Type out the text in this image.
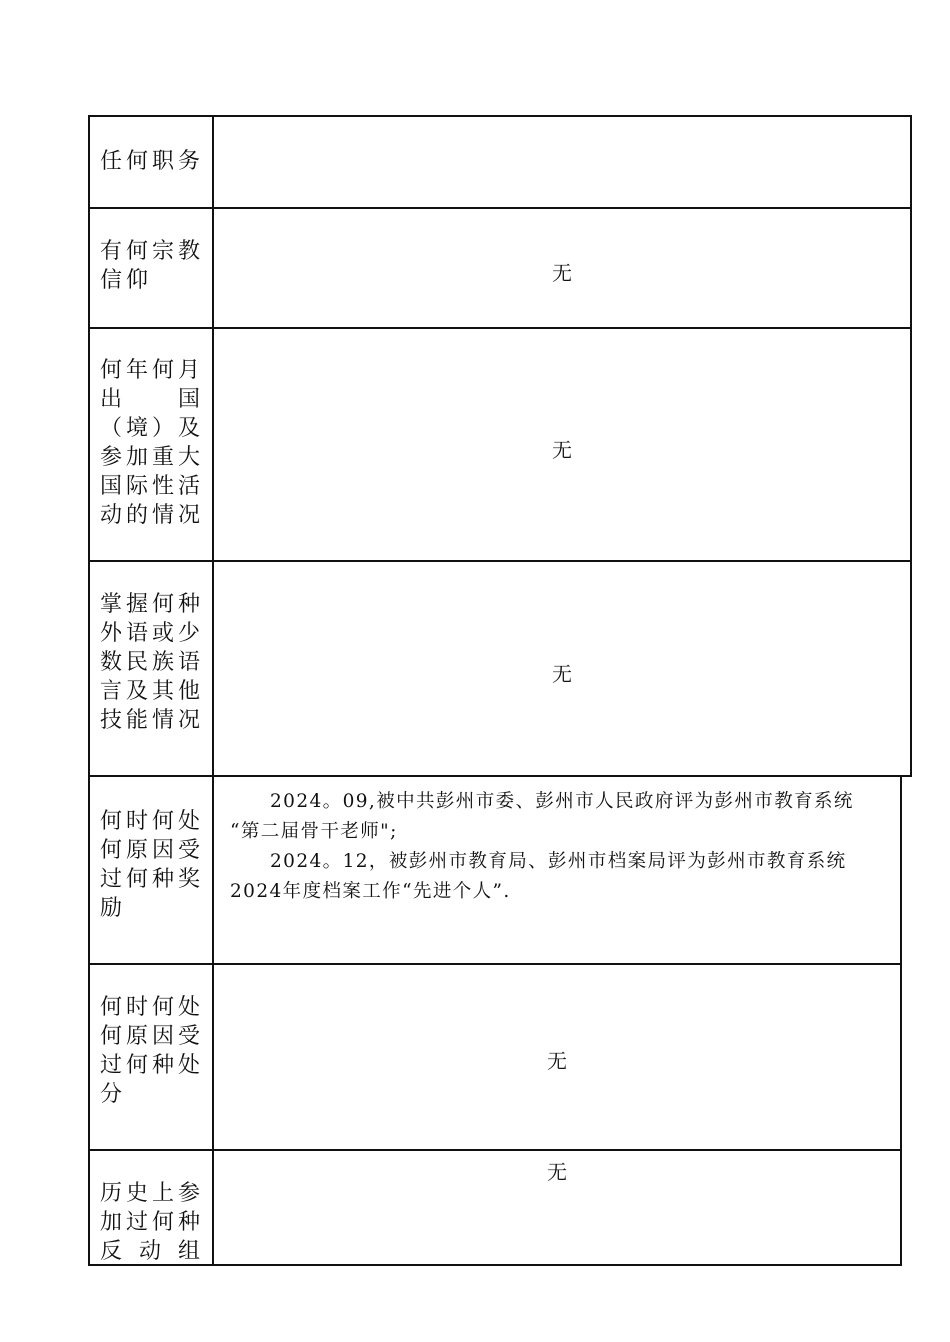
任何职务
有何宗教信仰	无
何年何月出国（境）及参加重大国际性活动的情况
无
掌握何种外语或少数民族语言及其他技能情况
无
何时何处何原因受过何种奖励

2024。09,被中共彭州市委、彭州市人民政府评为彭州市教育系统

“第二届骨干老师";

2024。12，被彭州市教育局、彭州市档案局评为彭州市教育系统

2024年度档案工作“先进个人”.

何时何处何原因受过何种处分
无
历史上参加过何种反动组
无
